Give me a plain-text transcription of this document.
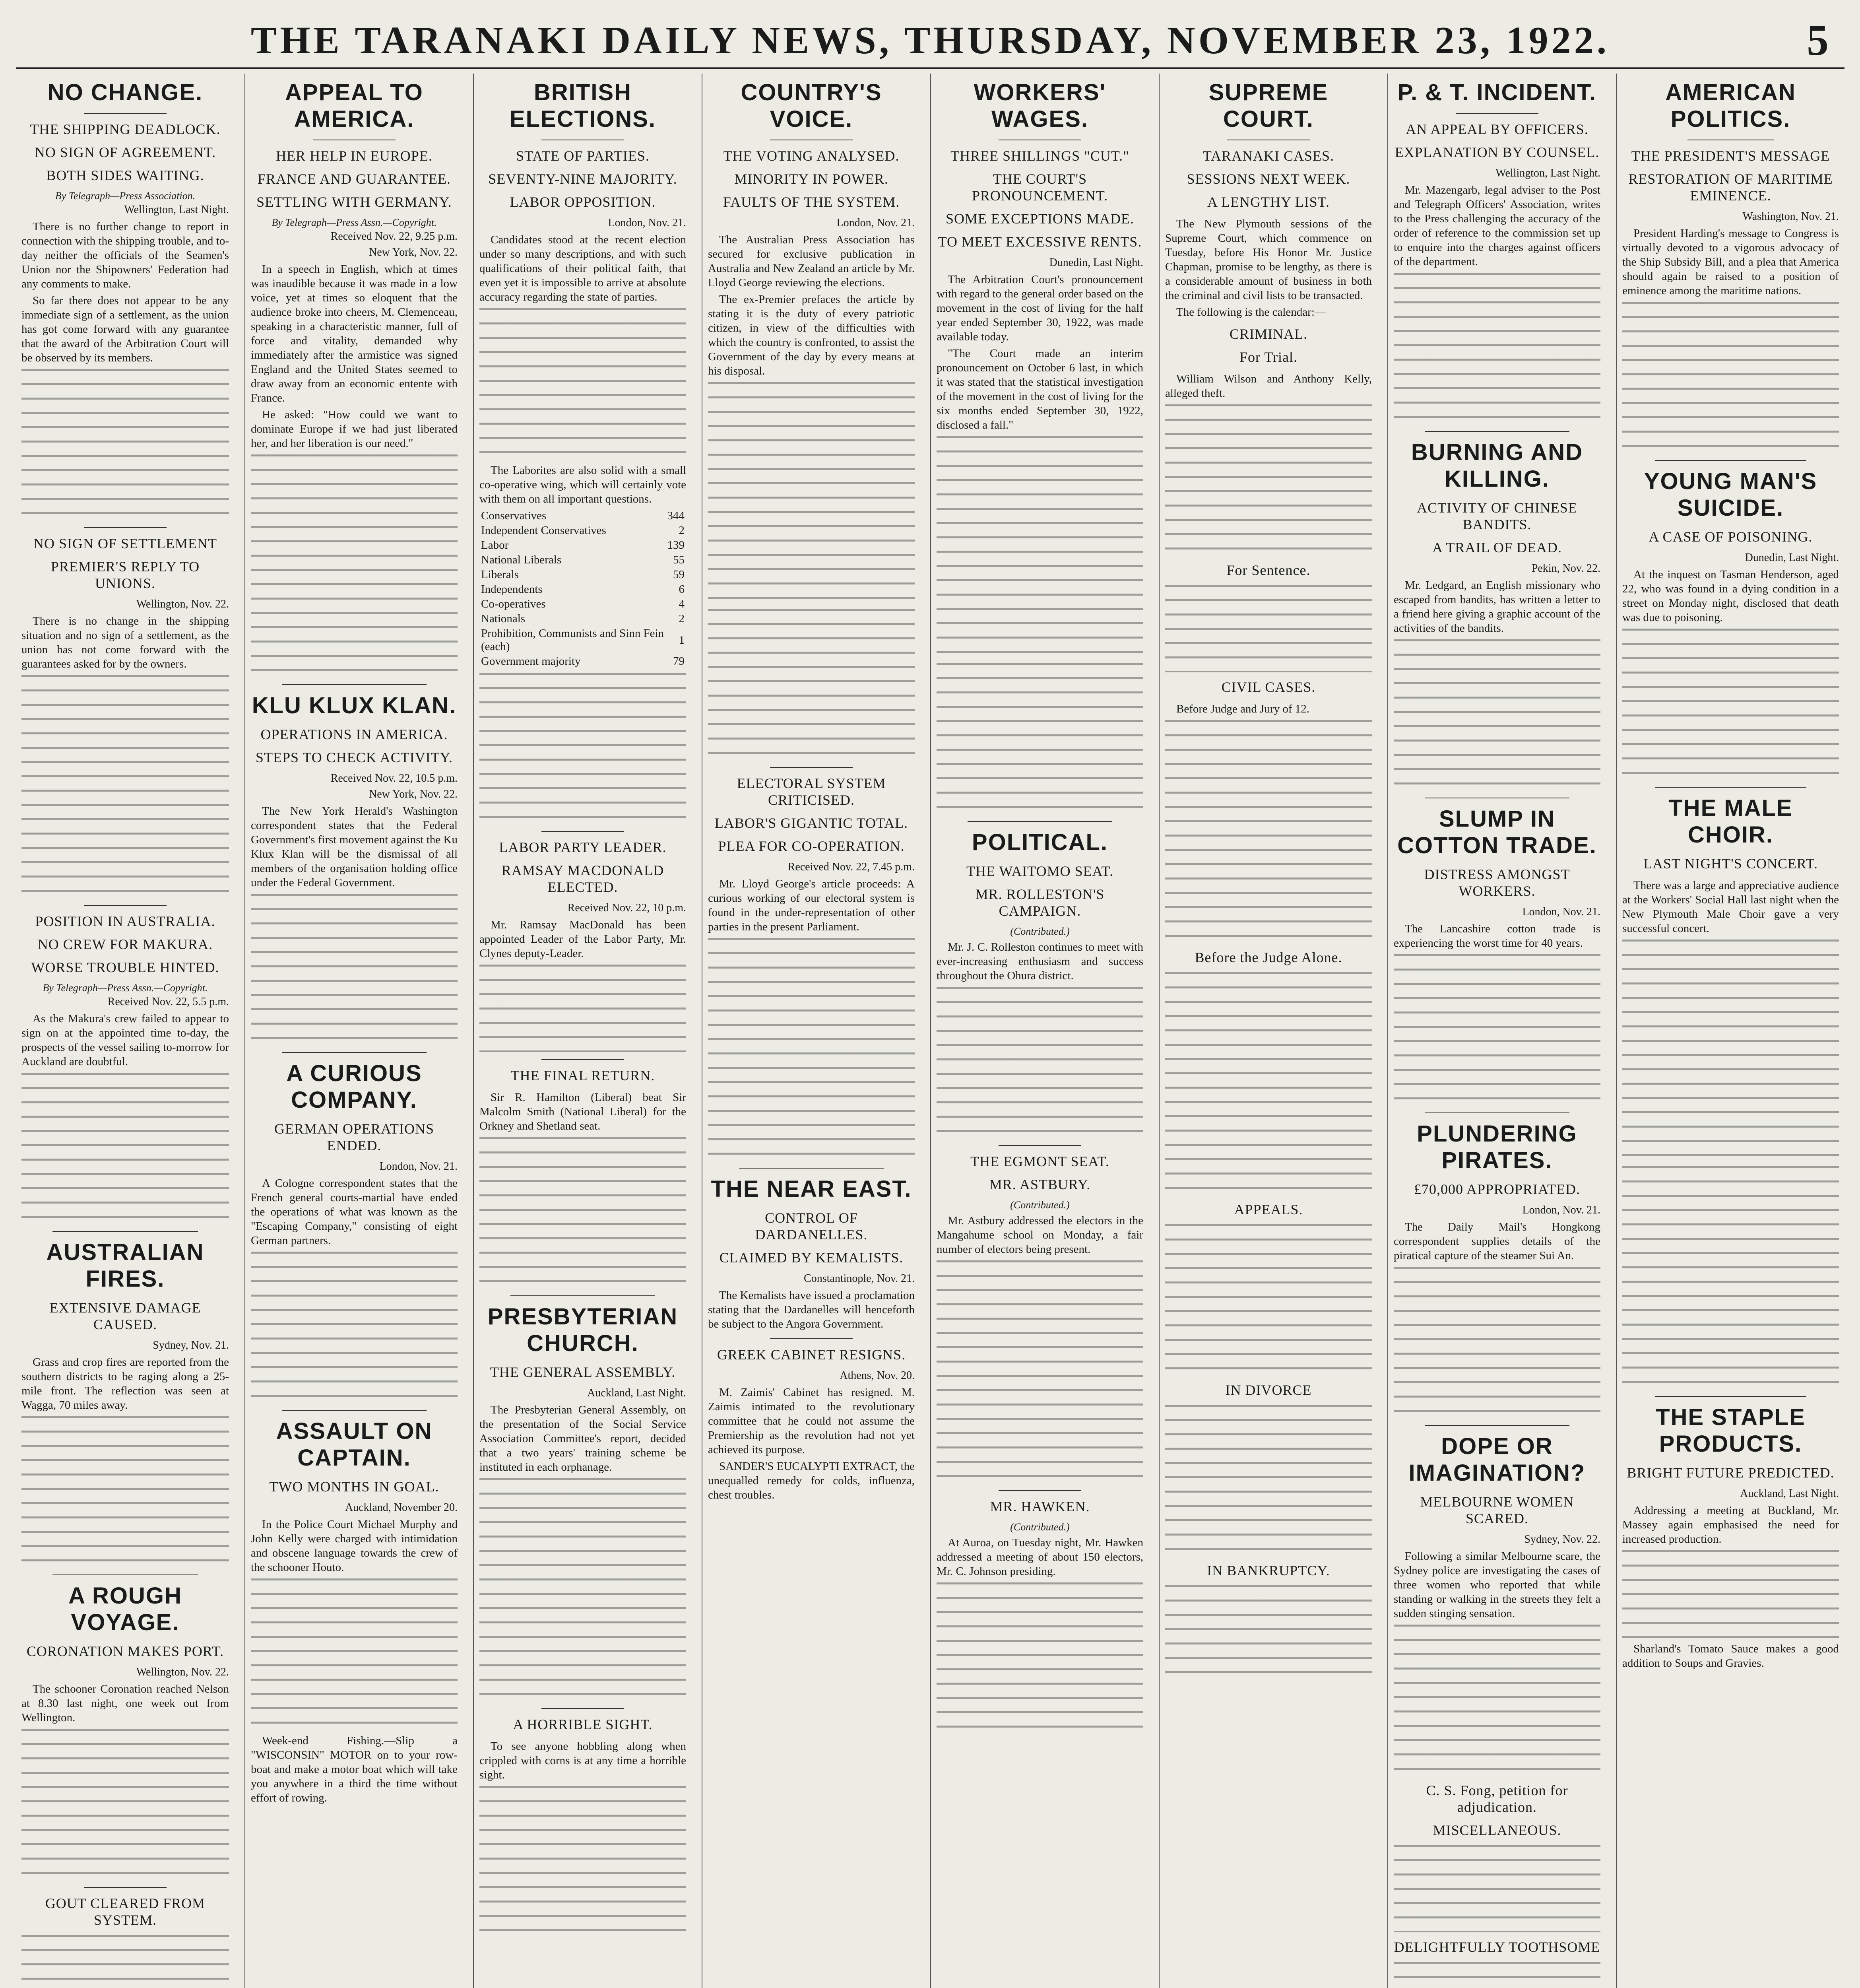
THE TARANAKI DAILY NEWS, THURSDAY, NOVEMBER 23, 1922.	5
NO CHANGE.
THE SHIPPING DEADLOCK.
NO SIGN OF AGREEMENT.
BOTH SIDES WAITING.
By Telegraph—Press Association.
Wellington, Last Night.

There is no further change to report in connection with the shipping trouble, and to-day neither the officials of the Seamen's Union nor the Shipowners' Federation had any comments to make.

So far there does not appear to be any immediate sign of a settlement, as the union has got come forward with any guarantee that the award of the Arbitration Court will be observed by its members.

NO SIGN OF SETTLEMENT
PREMIER'S REPLY TO UNIONS.
Wellington, Nov. 22.

There is no change in the shipping situation and no sign of a settlement, as the union has not come forward with the guarantees asked for by the owners.

POSITION IN AUSTRALIA.
NO CREW FOR MAKURA.
WORSE TROUBLE HINTED.
By Telegraph—Press Assn.—Copyright.
Received Nov. 22, 5.5 p.m.

As the Makura's crew failed to appear to sign on at the appointed time to-day, the prospects of the vessel sailing to-morrow for Auckland are doubtful.

AUSTRALIAN FIRES.
EXTENSIVE DAMAGE CAUSED.
Sydney, Nov. 21.

Grass and crop fires are reported from the southern districts to be raging along a 25-mile front. The reflection was seen at Wagga, 70 miles away.

A ROUGH VOYAGE.
CORONATION MAKES PORT.
Wellington, Nov. 22.

The schooner Coronation reached Nelson at 8.30 last night, one week out from Wellington.

GOUT CLEARED FROM SYSTEM.
APPEAL TO AMERICA.
HER HELP IN EUROPE.
FRANCE AND GUARANTEE.
SETTLING WITH GERMANY.
By Telegraph—Press Assn.—Copyright.
Received Nov. 22, 9.25 p.m.
New York, Nov. 22.

In a speech in English, which at times was inaudible because it was made in a low voice, yet at times so eloquent that the audience broke into cheers, M. Clemenceau, speaking in a characteristic manner, full of force and vitality, demanded why immediately after the armistice was signed England and the United States seemed to draw away from an economic entente with France.

He asked: "How could we want to dominate Europe if we had just liberated her, and her liberation is our need."

KLU KLUX KLAN.
OPERATIONS IN AMERICA.
STEPS TO CHECK ACTIVITY.
Received Nov. 22, 10.5 p.m.
New York, Nov. 22.

The New York Herald's Washington correspondent states that the Federal Government's first movement against the Ku Klux Klan will be the dismissal of all members of the organisation holding office under the Federal Government.

A CURIOUS COMPANY.
GERMAN OPERATIONS ENDED.
London, Nov. 21.

A Cologne correspondent states that the French general courts-martial have ended the operations of what was known as the "Escaping Company," consisting of eight German partners.

ASSAULT ON CAPTAIN.
TWO MONTHS IN GOAL.
Auckland, November 20.

In the Police Court Michael Murphy and John Kelly were charged with intimidation and obscene language towards the crew of the schooner Houto.

Week-end Fishing.—Slip a "WISCONSIN" MOTOR on to your row-boat and make a motor boat which will take you anywhere in a third the time without effort of rowing.

BRITISH ELECTIONS.
STATE OF PARTIES.
SEVENTY-NINE MAJORITY.
LABOR OPPOSITION.
London, Nov. 21.

Candidates stood at the recent election under so many descriptions, and with such qualifications of their political faith, that even yet it is impossible to arrive at absolute accuracy regarding the state of parties.

The Laborites are also solid with a small co-operative wing, which will certainly vote with them on all important questions.

Conservatives	344
Independent Conservatives	2
Labor	139
National Liberals	55
Liberals	59
Independents	6
Co-operatives	4
Nationals	2
Prohibition, Communists and Sinn Fein (each)	1
Government majority	79
LABOR PARTY LEADER.
RAMSAY MACDONALD ELECTED.
Received Nov. 22, 10 p.m.

Mr. Ramsay MacDonald has been appointed Leader of the Labor Party, Mr. Clynes deputy-Leader.

THE FINAL RETURN.

Sir R. Hamilton (Liberal) beat Sir Malcolm Smith (National Liberal) for the Orkney and Shetland seat.

PRESBYTERIAN CHURCH.
THE GENERAL ASSEMBLY.
Auckland, Last Night.

The Presbyterian General Assembly, on the presentation of the Social Service Association Committee's report, decided that a two years' training scheme be instituted in each orphanage.

A HORRIBLE SIGHT.

To see anyone hobbling along when crippled with corns is at any time a horrible sight.

COUNTRY'S VOICE.
THE VOTING ANALYSED.
MINORITY IN POWER.
FAULTS OF THE SYSTEM.
London, Nov. 21.

The Australian Press Association has secured for exclusive publication in Australia and New Zealand an article by Mr. Lloyd George reviewing the elections.

The ex-Premier prefaces the article by stating it is the duty of every patriotic citizen, in view of the difficulties with which the country is confronted, to assist the Government of the day by every means at his disposal.

ELECTORAL SYSTEM CRITICISED.
LABOR'S GIGANTIC TOTAL.
PLEA FOR CO-OPERATION.
Received Nov. 22, 7.45 p.m.

Mr. Lloyd George's article proceeds: A curious working of our electoral system is found in the under-representation of other parties in the present Parliament.

THE NEAR EAST.
CONTROL OF DARDANELLES.
CLAIMED BY KEMALISTS.
Constantinople, Nov. 21.

The Kemalists have issued a proclamation stating that the Dardanelles will henceforth be subject to the Angora Government.

GREEK CABINET RESIGNS.
Athens, Nov. 20.

M. Zaimis' Cabinet has resigned. M. Zaimis intimated to the revolutionary committee that he could not assume the Premiership as the revolution had not yet achieved its purpose.

SANDER'S EUCALYPTI EXTRACT, the unequalled remedy for colds, influenza, chest troubles.

WORKERS' WAGES.
THREE SHILLINGS "CUT."
THE COURT'S PRONOUNCEMENT.
SOME EXCEPTIONS MADE.
TO MEET EXCESSIVE RENTS.
Dunedin, Last Night.

The Arbitration Court's pronouncement with regard to the general order based on the movement in the cost of living for the half year ended September 30, 1922, was made available today.

"The Court made an interim pronouncement on October 6 last, in which it was stated that the statistical investigation of the movement in the cost of living for the six months ended September 30, 1922, disclosed a fall."

POLITICAL.
THE WAITOMO SEAT.
MR. ROLLESTON'S CAMPAIGN.
(Contributed.)

Mr. J. C. Rolleston continues to meet with ever-increasing enthusiasm and success throughout the Ohura district.

THE EGMONT SEAT.
MR. ASTBURY.
(Contributed.)

Mr. Astbury addressed the electors in the Mangahume school on Monday, a fair number of electors being present.

MR. HAWKEN.
(Contributed.)

At Auroa, on Tuesday night, Mr. Hawken addressed a meeting of about 150 electors, Mr. C. Johnson presiding.

SUPREME COURT.
TARANAKI CASES.
SESSIONS NEXT WEEK.
A LENGTHY LIST.

The New Plymouth sessions of the Supreme Court, which commence on Tuesday, before His Honor Mr. Justice Chapman, promise to be lengthy, as there is a considerable amount of business in both the criminal and civil lists to be transacted.

The following is the calendar:—

CRIMINAL.
For Trial.

William Wilson and Anthony Kelly, alleged theft.

For Sentence.
CIVIL CASES.

Before Judge and Jury of 12.

Before the Judge Alone.
APPEALS.
IN DIVORCE
IN BANKRUPTCY.
P. & T. INCIDENT.
AN APPEAL BY OFFICERS.
EXPLANATION BY COUNSEL.
Wellington, Last Night.

Mr. Mazengarb, legal adviser to the Post and Telegraph Officers' Association, writes to the Press challenging the accuracy of the order of reference to the commission set up to enquire into the charges against officers of the department.

BURNING AND KILLING.
ACTIVITY OF CHINESE BANDITS.
A TRAIL OF DEAD.
Pekin, Nov. 22.

Mr. Ledgard, an English missionary who escaped from bandits, has written a letter to a friend here giving a graphic account of the activities of the bandits.

SLUMP IN COTTON TRADE.
DISTRESS AMONGST WORKERS.
London, Nov. 21.

The Lancashire cotton trade is experiencing the worst time for 40 years.

PLUNDERING PIRATES.
£70,000 APPROPRIATED.
London, Nov. 21.

The Daily Mail's Hongkong correspondent supplies details of the piratical capture of the steamer Sui An.

DOPE OR IMAGINATION?
MELBOURNE WOMEN SCARED.
Sydney, Nov. 22.

Following a similar Melbourne scare, the Sydney police are investigating the cases of three women who reported that while standing or walking in the streets they felt a sudden stinging sensation.

C. S. Fong, petition for adjudication.
MISCELLANEOUS.
DELIGHTFULLY TOOTHSOME
AMERICAN POLITICS.
THE PRESIDENT'S MESSAGE
RESTORATION OF MARITIME EMINENCE.
Washington, Nov. 21.

President Harding's message to Congress is virtually devoted to a vigorous advocacy of the Ship Subsidy Bill, and a plea that America should again be raised to a position of eminence among the maritime nations.

YOUNG MAN'S SUICIDE.
A CASE OF POISONING.
Dunedin, Last Night.

At the inquest on Tasman Henderson, aged 22, who was found in a dying condition in a street on Monday night, disclosed that death was due to poisoning.

THE MALE CHOIR.
LAST NIGHT'S CONCERT.

There was a large and appreciative audience at the Workers' Social Hall last night when the New Plymouth Male Choir gave a very successful concert.

THE STAPLE PRODUCTS.
BRIGHT FUTURE PREDICTED.
Auckland, Last Night.

Addressing a meeting at Buckland, Mr. Massey again emphasised the need for increased production.

Sharland's Tomato Sauce makes a good addition to Soups and Gravies.
